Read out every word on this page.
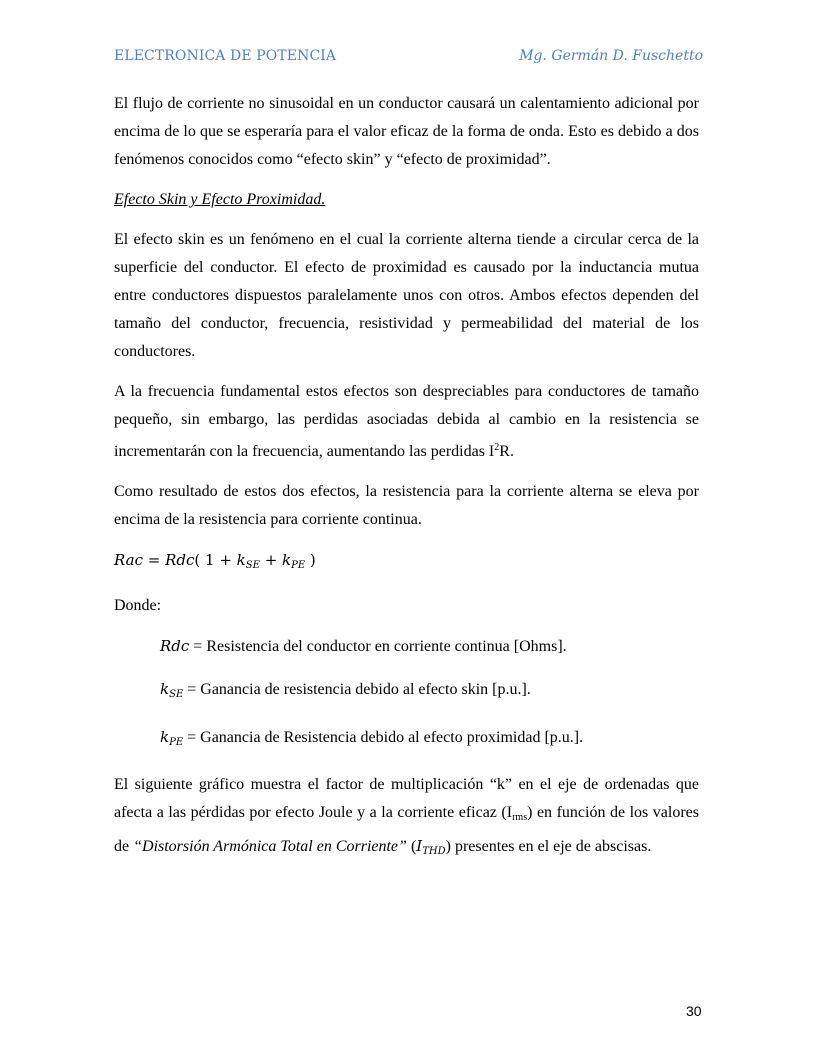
ELECTRONICA DE POTENCIA	Mg. Germán D. Fuschetto

El flujo de corriente no sinusoidal en un conductor causará un calentamiento adicional por encima de lo que se esperaría para el valor eficaz de la forma de onda. Esto es debido a dos fenómenos conocidos como “efecto skin” y “efecto de proximidad”.

Efecto Skin y Efecto Proximidad.

El efecto skin es un fenómeno en el cual la corriente alterna tiende a circular cerca de la superficie del conductor. El efecto de proximidad es causado por la inductancia mutua entre conductores dispuestos paralelamente unos con otros. Ambos efectos dependen del tamaño del conductor, frecuencia, resistividad y permeabilidad del material de los conductores.

A la frecuencia fundamental estos efectos son despreciables para conductores de tamaño pequeño, sin embargo, las perdidas asociadas debida al cambio en la resistencia se incrementarán con la frecuencia, aumentando las perdidas $I^2R$.

Como resultado de estos dos efectos, la resistencia para la corriente alterna se eleva por encima de la resistencia para corriente continua.

Rac = Rdc( $1 + k_{SE} + k_{PE}$ )

Donde:

Rdc = Resistencia del conductor en corriente continua [Ohms].

$k_{SE}$ = Ganancia de resistencia debido al efecto skin [p.u.].

$k_{PE}$ = Ganancia de Resistencia debido al efecto proximidad [p.u.].

El siguiente gráfico muestra el factor de multiplicación “k” en el eje de ordenadas que afecta a las pérdidas por efecto Joule y a la corriente eficaz (Irms) en función de los valores de “Distorsión Armónica Total en Corriente” $(I_{THD})$ presentes en el eje de abscisas.

30
